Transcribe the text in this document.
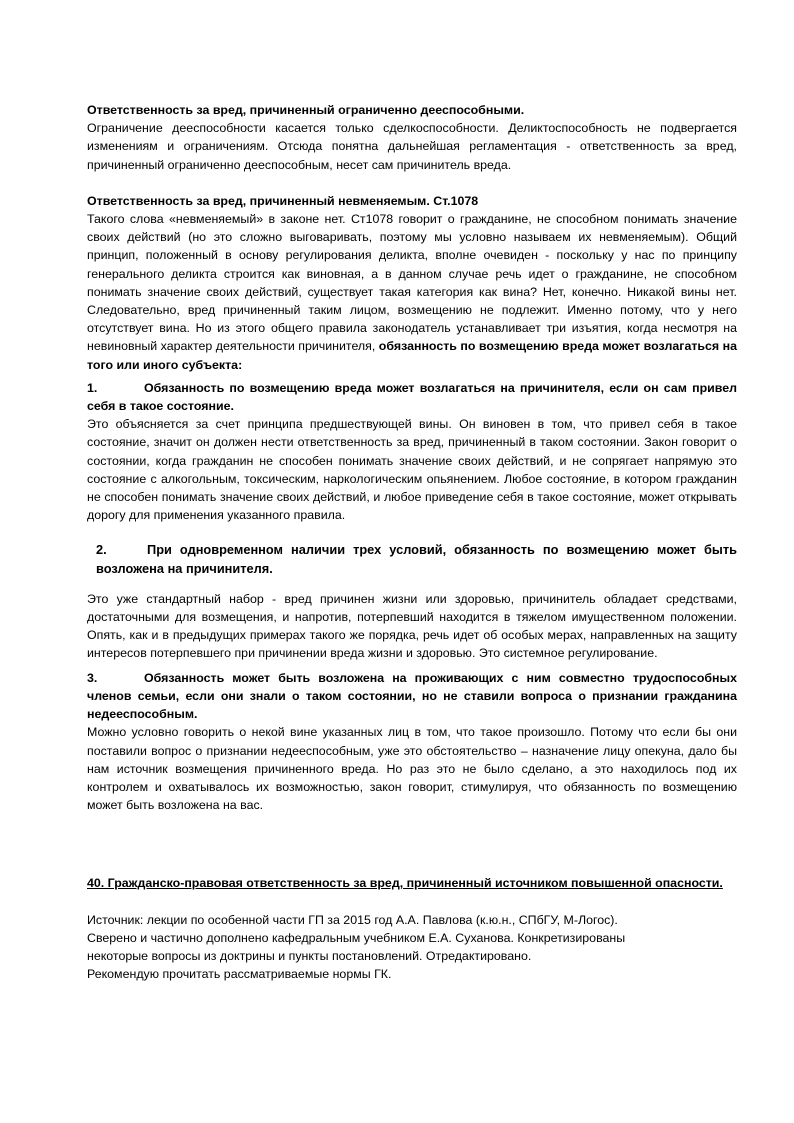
Ответственность за вред, причиненный ограниченно дееспособными.

Ограничение дееспособности касается только сделкоспособности. Деликтоспособность не подвергается изменениям и ограничениям. Отсюда понятна дальнейшая регламентация - ответственность за вред, причиненный ограниченно дееспособным, несет сам причинитель вреда.

Ответственность за вред, причиненный невменяемым. Ст.1078

Такого слова «невменяемый» в законе нет. Ст1078 говорит о гражданине, не способном понимать значение своих действий (но это сложно выговаривать, поэтому мы условно называем их невменяемым). Общий принцип, положенный в основу регулирования деликта, вполне очевиден - поскольку у нас по принципу генерального деликта строится как виновная, а в данном случае речь идет о гражданине, не способном понимать значение своих действий, существует такая категория как вина? Нет, конечно. Никакой вины нет. Следовательно, вред причиненный таким лицом, возмещению не подлежит. Именно потому, что у него отсутствует вина. Но из этого общего правила законодатель устанавливает три изъятия, когда несмотря на невиновный характер деятельности причинителя, обязанность по возмещению вреда может возлагаться на того или иного субъекта:

1.	Обязанность по возмещению вреда может возлагаться на причинителя, если он сам привел себя в такое состояние.

Это объясняется за счет принципа предшествующей вины. Он виновен в том, что привел себя в такое состояние, значит он должен нести ответственность за вред, причиненный в таком состоянии. Закон говорит о состоянии, когда гражданин не способен понимать значение своих действий, и не сопрягает напрямую это состояние с алкогольным, токсическим, наркологическим опьянением. Любое состояние, в котором гражданин не способен понимать значение своих действий, и любое приведение себя в такое состояние, может открывать дорогу для применения указанного правила.

2.	При одновременном наличии трех условий, обязанность по возмещению может быть возложена на причинителя.

Это уже стандартный набор - вред причинен жизни или здоровью, причинитель обладает средствами, достаточными для возмещения, и напротив, потерпевший находится в тяжелом имущественном положении. Опять, как и в предыдущих примерах такого же порядка, речь идет об особых мерах, направленных на защиту интересов потерпевшего при причинении вреда жизни и здоровью. Это системное регулирование.

3.	Обязанность может быть возложена на проживающих с ним совместно трудоспособных членов семьи, если они знали о таком состоянии, но не ставили вопроса о признании гражданина недееспособным.

Можно условно говорить о некой вине указанных лиц в том, что такое произошло. Потому что если бы они поставили вопрос о признании недееспособным, уже это обстоятельство – назначение лицу опекуна, дало бы нам источник возмещения причиненного вреда. Но раз это не было сделано, а это находилось под их контролем и охватывалось их возможностью, закон говорит, стимулируя, что обязанность по возмещению может быть возложена на вас.

40. Гражданско-правовая ответственность за вред, причиненный источником повышенной опасности.

Источник: лекции по особенной части ГП за 2015 год А.А. Павлова (к.ю.н., СПбГУ, М-Логос).

Сверено и частично дополнено кафедральным учебником Е.А. Суханова. Конкретизированы

некоторые вопросы из доктрины и пункты постановлений. Отредактировано.

Рекомендую прочитать рассматриваемые нормы ГК.
